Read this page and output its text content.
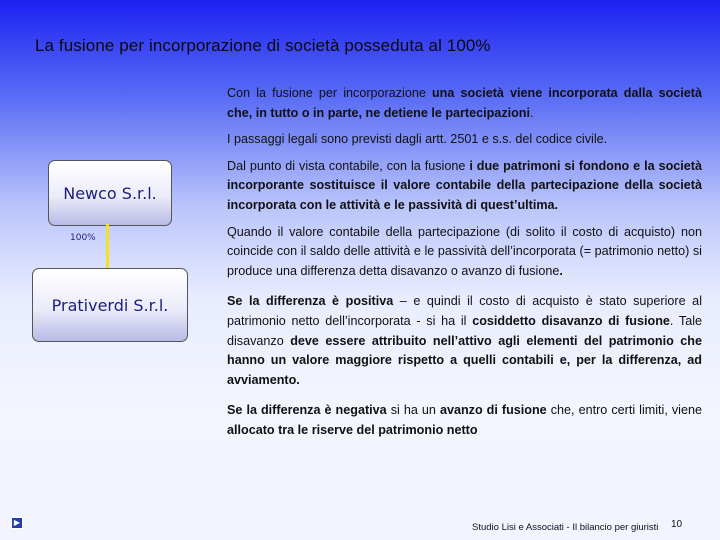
La fusione per incorporazione di società posseduta al 100%
Newco S.r.l.
100%
Prativerdi S.r.l.

Con la fusione per incorporazione una società viene incorporata dalla società che, in tutto o in parte, ne detiene le partecipazioni.

I passaggi legali sono previsti dagli artt. 2501 e s.s. del codice civile.

Dal punto di vista contabile, con la fusione i due patrimoni si fondono e la società incorporante sostituisce il valore contabile della partecipazione della società incorporata con le attività e le passività di quest’ultima.

Quando il valore contabile della partecipazione (di solito il costo di acquisto) non coincide con il saldo delle attività e le passività dell’incorporata (= patrimonio netto) si produce una differenza detta disavanzo o avanzo di fusione.

Se la differenza è positiva – e quindi il costo di acquisto è stato superiore al patrimonio netto dell’incorporata - si ha il cosiddetto disavanzo di fusione. Tale disavanzo deve essere attribuito nell’attivo agli elementi del patrimonio che hanno un valore maggiore rispetto a quelli contabili e, per la differenza, ad avviamento.

Se la differenza è negativa si ha un avanzo di fusione che, entro certi limiti, viene allocato tra le riserve del patrimonio netto

▶	Studio Lisi e Associati - Il bilancio per giuristi 10
